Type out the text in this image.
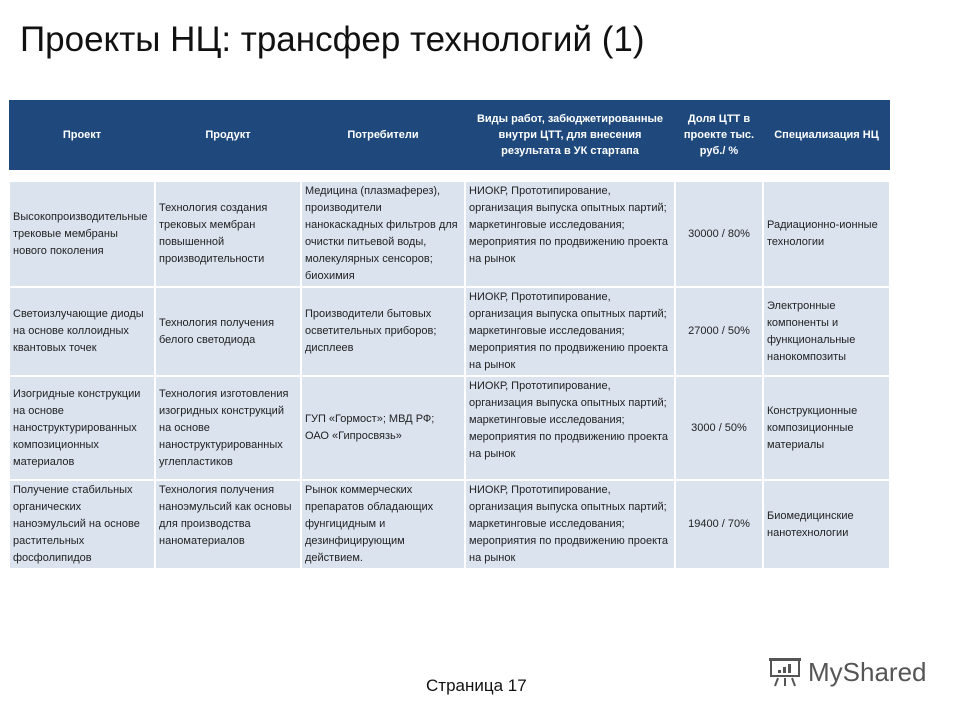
Проекты НЦ: трансфер технологий (1)
Проект	Продукт	Потребители	Виды работ, забюджетированные внутри ЦТТ, для внесения результата в УК стартапа	Доля ЦТТ в проекте тыс. руб./ %	Специализация НЦ

Высокопроизводительные трековые мембраны нового поколения	Технология создания трековых мембран повышенной производительности	Медицина (плазмаферез), производители нанокаскадных фильтров для очистки питьевой воды, молекулярных сенсоров; биохимия	НИОКР, Прототипирование, организация выпуска опытных партий; маркетинговые исследования; мероприятия по продвижению проекта на рынок	30000 / 80%	Радиационно-ионные технологии
Светоизлучающие диоды на основе коллоидных квантовых точек	Технология получения белого светодиода	Производители бытовых осветительных приборов; дисплеев	НИОКР, Прототипирование, организация выпуска опытных партий; маркетинговые исследования; мероприятия по продвижению проекта на рынок	27000 / 50%	Электронные компоненты и функциональные нанокомпозиты
Изогридные конструкции на основе наноструктурированных композиционных материалов	Технология изготовления изогридных конструкций на основе наноструктурированных углепластиков	ГУП «Гормост»; МВД РФ; ОАО «Гипросвязь»	НИОКР, Прототипирование, организация выпуска опытных партий; маркетинговые исследования; мероприятия по продвижению проекта на рынок	3000 / 50%	Конструкционные композиционные материалы
Получение стабильных органических наноэмульсий на основе растительных фосфолипидов	Технология получения наноэмульсий как основы для производства наноматериалов	Рынок коммерческих препаратов обладающих фунгицидным и дезинфицирующим действием.	НИОКР, Прототипирование, организация выпуска опытных партий; маркетинговые исследования; мероприятия по продвижению проекта на рынок	19400 / 70%	Биомедицинские нанотехнологии
Страница 17	MyShared
